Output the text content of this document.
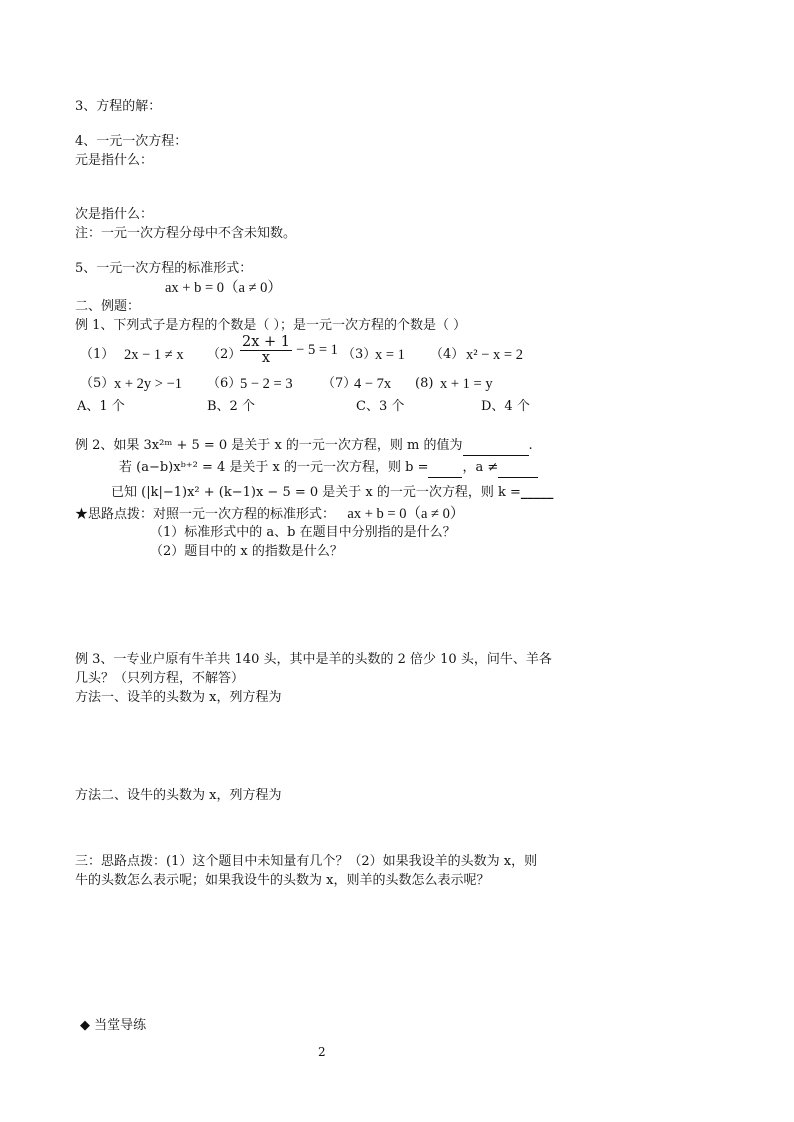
3、方程的解：
4、一元一次方程：
元是指什么：
次是指什么：
注：一元一次方程分母中不含未知数。
5、一元一次方程的标准形式：
ax + b = 0（a ≠ 0）
二、例题：
例 1、下列式子是方程的个数是（ ）；是一元一次方程的个数是（ ）
（1） 2x − 1 ≠ x （2）
$\frac{2x + 1}{x} - 5 = 1$ （3）
x = 1 （4） x² − x = 2
（5） x + 2y > −1 （6）
5 − 2 = 3 （7）
4 − 7x (8) x + 1 = y
A、1 个	B、2 个	C、3 个	D、4 个
例 2、如果 3x²ᵐ + 5 = 0 是关于 x 的一元一次方程，则 m 的值为	.
若 (a−b)xᵇ⁺² = 4 是关于 x 的一元一次方程，则 b =	，a ≠
已知 (|k|−1)x² + (k−1)x − 5 = 0 是关于 x 的一元一次方程，则 k =_____
★思路点拨：对照一元一次方程的标准形式： ax + b = 0（a ≠ 0）
（1）标准形式中的 a、b 在题目中分别指的是什么？
（2）题目中的 x 的指数是什么？
例 3、一专业户原有牛羊共 140 头，其中是羊的头数的 2 倍少 10 头，问牛、羊各
几头？（只列方程，不解答）
方法一、设羊的头数为 x，列方程为
方法二、设牛的头数为 x，列方程为
三：思路点拨：(1）这个题目中未知量有几个？（2）如果我设羊的头数为 x，则
牛的头数怎么表示呢；如果我设牛的头数为 x，则羊的头数怎么表示呢？
◆ 当堂导练
2
